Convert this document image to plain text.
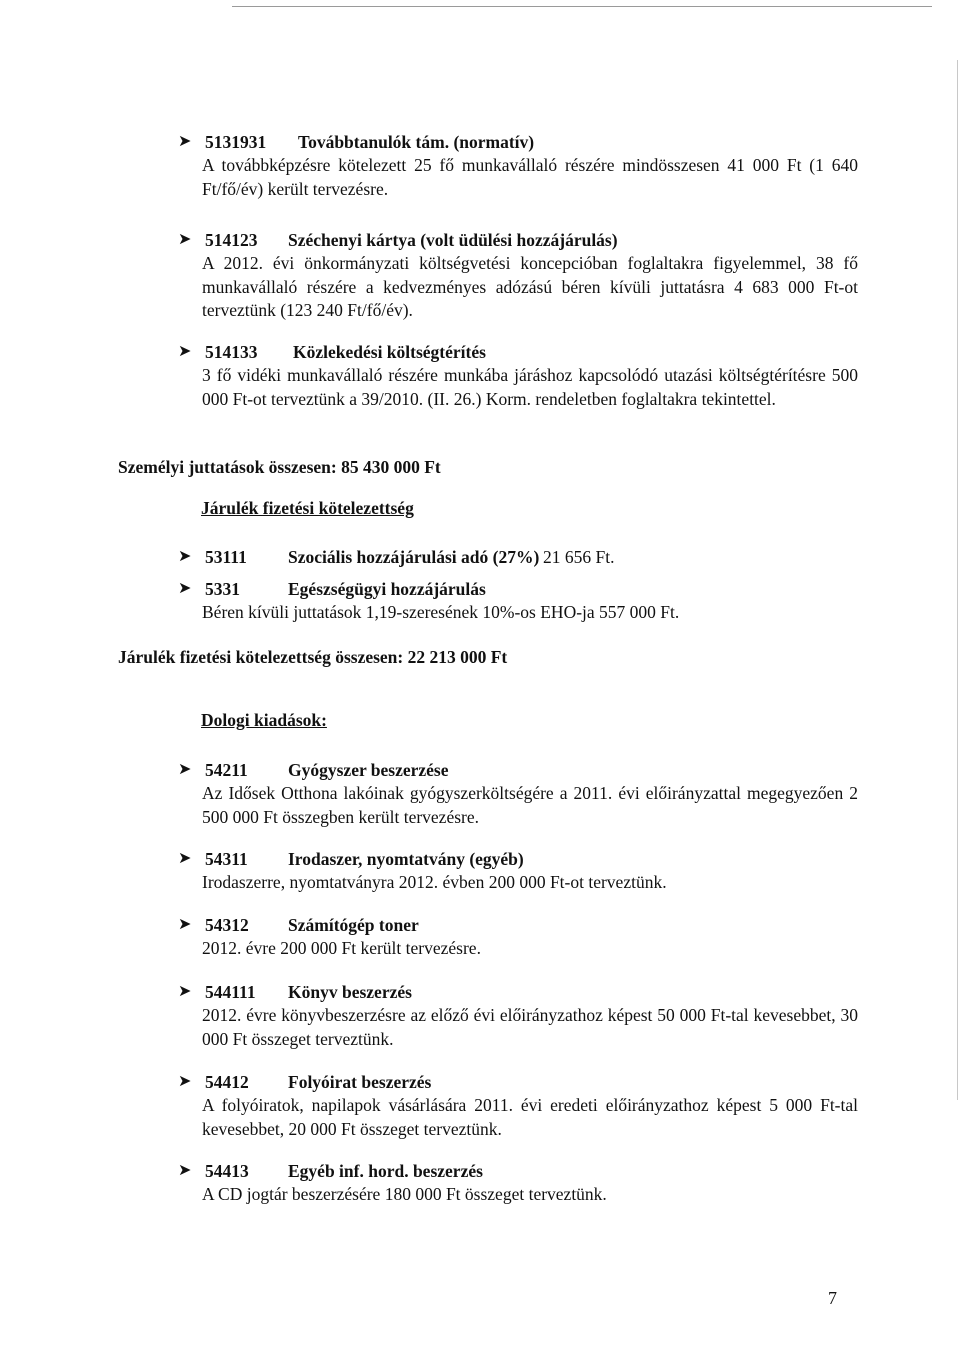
➤ 5131931 Továbbtanulók tám. (normatív)
A továbbképzésre kötelezett 25 fő munkavállaló részére mindösszesen 41 000 Ft (1 640 Ft/fő/év) került tervezésre.
➤ 514123 Széchenyi kártya (volt üdülési hozzájárulás)
A 2012. évi önkormányzati költségvetési koncepcióban foglaltakra figyelemmel, 38 fő munkavállaló részére a kedvezményes adózású béren kívüli juttatásra 4 683 000 Ft-ot terveztünk (123 240 Ft/fő/év).
➤ 514133 Közlekedési költségtérítés
3 fő vidéki munkavállaló részére munkába járáshoz kapcsolódó utazási költségtérítésre 500 000 Ft-ot terveztünk a 39/2010. (II. 26.) Korm. rendeletben foglaltakra tekintettel.
Személyi juttatások összesen: 85 430 000 Ft
Járulék fizetési kötelezettség
➤ 53111 Szociális hozzájárulási adó (27%) 21 656 Ft.
➤ 5331	Egészségügyi hozzájárulás
Béren kívüli juttatások 1,19-szeresének 10%-os EHO-ja 557 000 Ft.
Járulék fizetési kötelezettség összesen: 22 213 000 Ft
Dologi kiadások:
➤ 54211 Gyógyszer beszerzése
Az Idősek Otthona lakóinak gyógyszerköltségére a 2011. évi előirányzattal megegyezően 2 500 000 Ft összegben került tervezésre.
➤ 54311 Irodaszer, nyomtatvány (egyéb)
Irodaszerre, nyomtatványra 2012. évben 200 000 Ft-ot terveztünk.
➤ 54312 Számítógép toner
2012. évre 200 000 Ft került tervezésre.
➤ 544111 Könyv beszerzés
2012. évre könyvbeszerzésre az előző évi előirányzathoz képest 50 000 Ft-tal kevesebbet, 30 000 Ft összeget terveztünk.
➤ 54412 Folyóirat beszerzés
A folyóiratok, napilapok vásárlására 2011. évi eredeti előirányzathoz képest 5 000 Ft-tal kevesebbet, 20 000 Ft összeget terveztünk.
➤ 54413 Egyéb inf. hord. beszerzés
A CD jogtár beszerzésére 180 000 Ft összeget terveztünk.
7
